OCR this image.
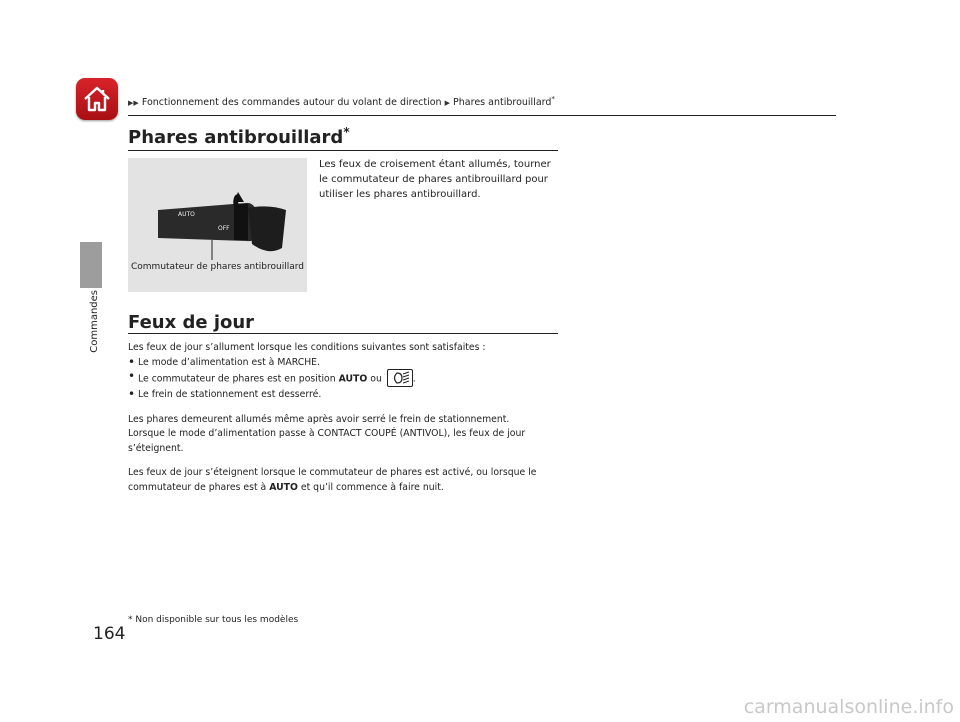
▶▶ Fonctionnement des commandes autour du volant de direction ▶ Phares antibrouillard*
Commandes
Phares antibrouillard*
AUTO
OFF
Commutateur de phares antibrouillard
Les feux de croisement étant allumés, tourner le commutateur de phares antibrouillard pour utiliser les phares antibrouillard.
Feux de jour

Les feux de jour s’allument lorsque les conditions suivantes sont satisfaites :

• Le mode d’alimentation est à MARCHE.

• Le commutateur de phares est en position AUTO ou	.

• Le frein de stationnement est desserré.

Les phares demeurent allumés même après avoir serré le frein de stationnement.

Lorsque le mode d’alimentation passe à CONTACT COUPÉ (ANTIVOL), les feux de jour s’éteignent.

Les feux de jour s’éteignent lorsque le commutateur de phares est activé, ou lorsque le commutateur de phares est à AUTO et qu’il commence à faire nuit.

164
* Non disponible sur tous les modèles
carmanualsonline.info
